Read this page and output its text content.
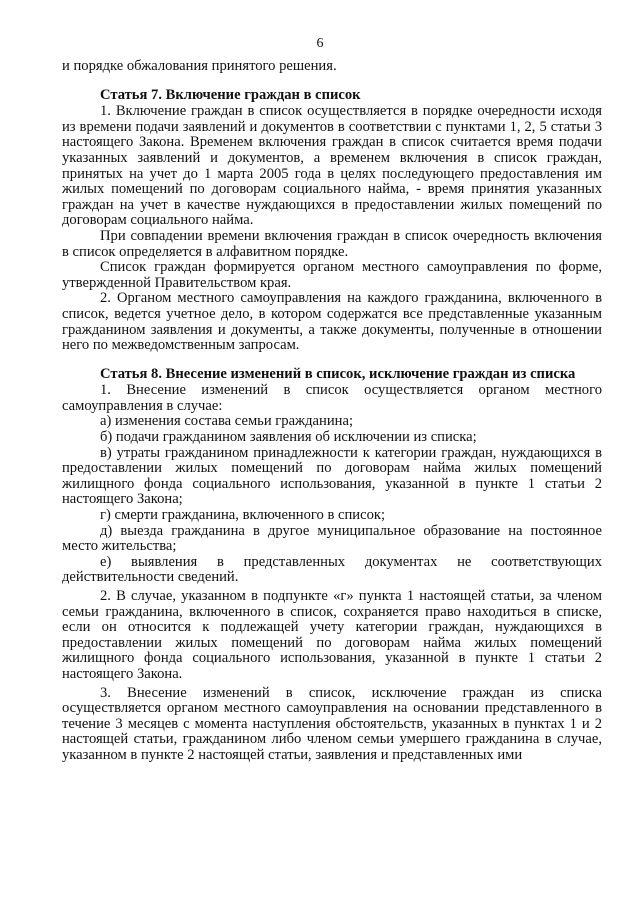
6

и порядке обжалования принятого решения.

Статья 7. Включение граждан в список

1. Включение граждан в список осуществляется в порядке очередности исходя из времени подачи заявлений и документов в соответствии с пунктами 1, 2, 5 статьи 3 настоящего Закона. Временем включения граждан в список считается время подачи указанных заявлений и документов, а временем включения в список граждан, принятых на учет до 1 марта 2005 года в целях последующего предоставления им жилых помещений по договорам социального найма, - время принятия указанных граждан на учет в качестве нуждающихся в предоставлении жилых помещений по договорам социального найма.

При совпадении времени включения граждан в список очередность включения в список определяется в алфавитном порядке.

Список граждан формируется органом местного самоуправления по форме, утвержденной Правительством края.

2. Органом местного самоуправления на каждого гражданина, включенного в список, ведется учетное дело, в котором содержатся все представленные указанным гражданином заявления и документы, а также документы, полученные в отношении него по межведомственным запросам.

Статья 8. Внесение изменений в список, исключение граждан из списка

1. Внесение изменений в список осуществляется органом местного самоуправления в случае:

а) изменения состава семьи гражданина;

б) подачи гражданином заявления об исключении из списка;

в) утраты гражданином принадлежности к категории граждан, нуждающихся в предоставлении жилых помещений по договорам найма жилых помещений жилищного фонда социального использования, указанной в пункте 1 статьи 2 настоящего Закона;

г) смерти гражданина, включенного в список;

д) выезда гражданина в другое муниципальное образование на постоянное место жительства;

е) выявления в представленных документах не соответствующих действительности сведений.

2. В случае, указанном в подпункте «г» пункта 1 настоящей статьи, за членом семьи гражданина, включенного в список, сохраняется право находиться в списке, если он относится к подлежащей учету категории граждан, нуждающихся в предоставлении жилых помещений по договорам найма жилых помещений жилищного фонда социального использования, указанной в пункте 1 статьи 2 настоящего Закона.

3. Внесение изменений в список, исключение граждан из списка осуществляется органом местного самоуправления на основании представленного в течение 3 месяцев с момента наступления обстоятельств, указанных в пунктах 1 и 2 настоящей статьи, гражданином либо членом семьи умершего гражданина в случае, указанном в пункте 2 настоящей статьи, заявления и представленных ими
